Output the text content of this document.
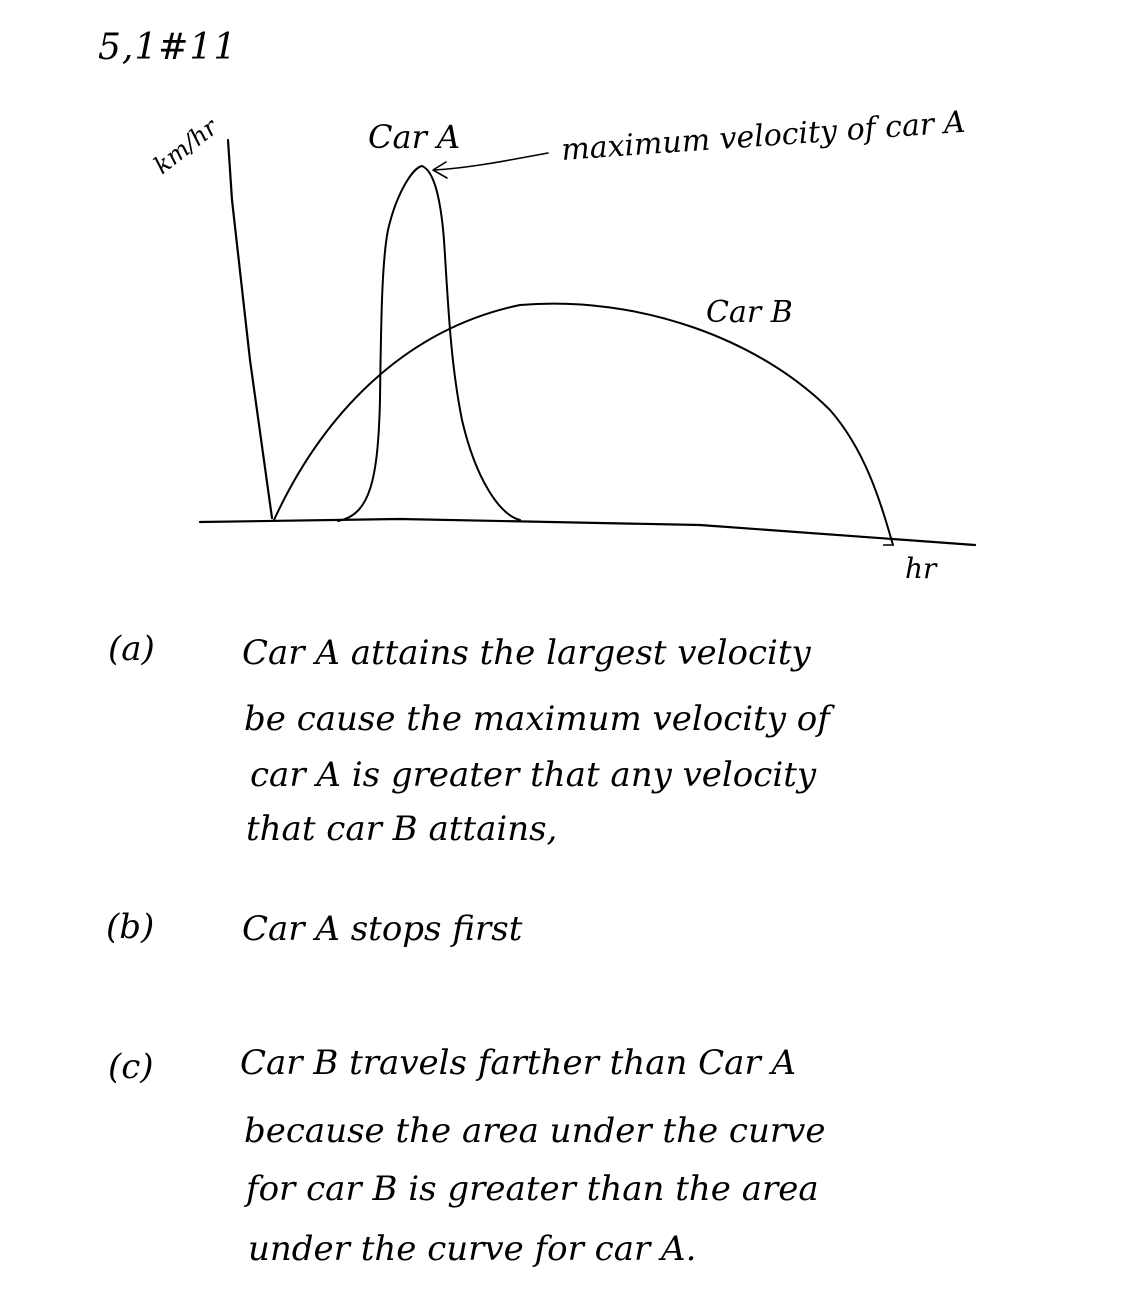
5,1#11
km/hr	Car A	maximum velocity of car A
Car B
hr
(a)	Car A attains the largest velocity
be cause the maximum velocity of
car A is greater that any velocity
that car B attains,
(b)	Car A stops first
(c)	Car B travels farther than Car A
because the area under the curve
for car B is greater than the area
under the curve for car A.
